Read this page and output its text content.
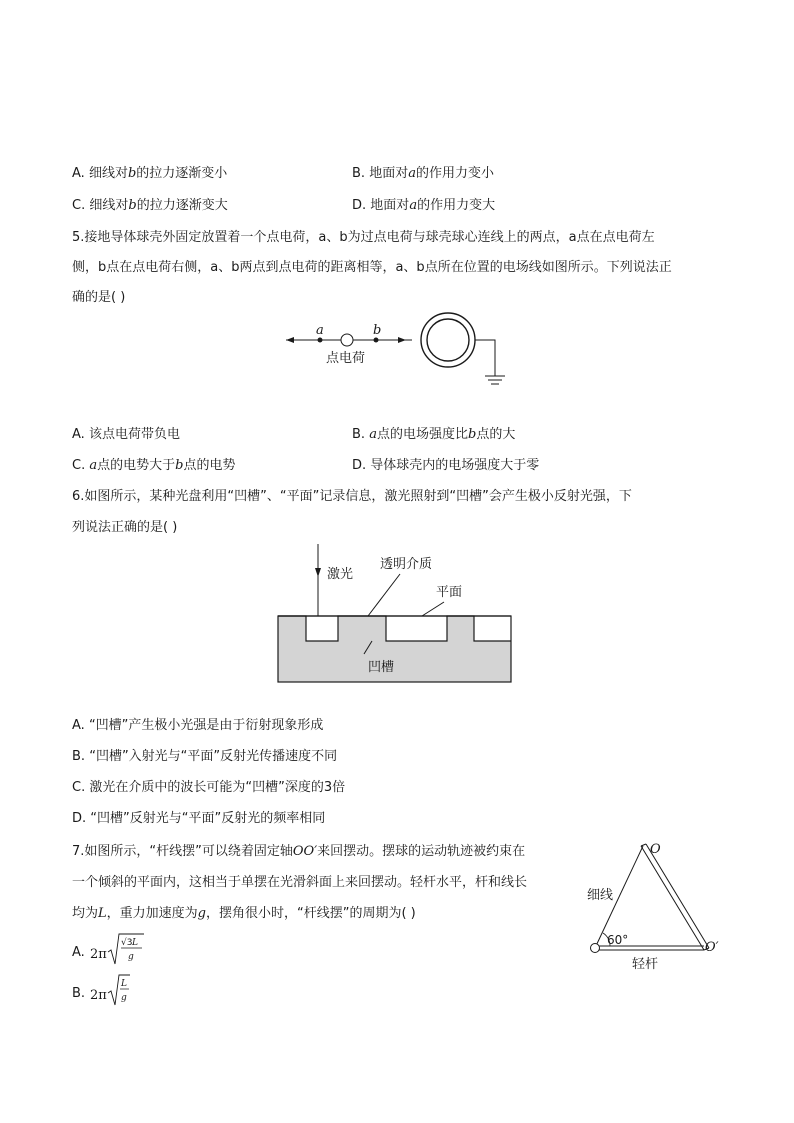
A. 细线对b的拉力逐渐变小	B. 地面对a的作用力变小
C. 细线对b的拉力逐渐变大	D. 地面对a的作用力变大
5.接地导体球壳外固定放置着一个点电荷，a、b为过点电荷与球壳球心连线上的两点，a点在点电荷左
侧，b点在点电荷右侧，a、b两点到点电荷的距离相等，a、b点所在位置的电场线如图所示。下列说法正
确的是( )
a	b
点电荷
A. 该点电荷带负电	B. a点的电场强度比b点的大
C. a点的电势大于b点的电势	D. 导体球壳内的电场强度大于零
6.如图所示，某种光盘利用“凹槽”、“平面”记录信息，激光照射到“凹槽”会产生极小反射光强，下
列说法正确的是( )
激光
透明介质
平面
凹槽
A. “凹槽”产生极小光强是由于衍射现象形成
B. “凹槽”入射光与“平面”反射光传播速度不同
C. 激光在介质中的波长可能为“凹槽”深度的3倍
D. “凹槽”反射光与“平面”反射光的频率相同
7.如图所示，“杆线摆”可以绕着固定轴OO′来回摆动。摆球的运动轨迹被约束在
一个倾斜的平面内，这相当于单摆在光滑斜面上来回摆动。轻杆水平，杆和线长
均为L，重力加速度为g，摆角很小时，“杆线摆”的周期为( )
O
O′
细线
60°
轻杆
A. 2π
√3 L
g
B. 2π
L
g
